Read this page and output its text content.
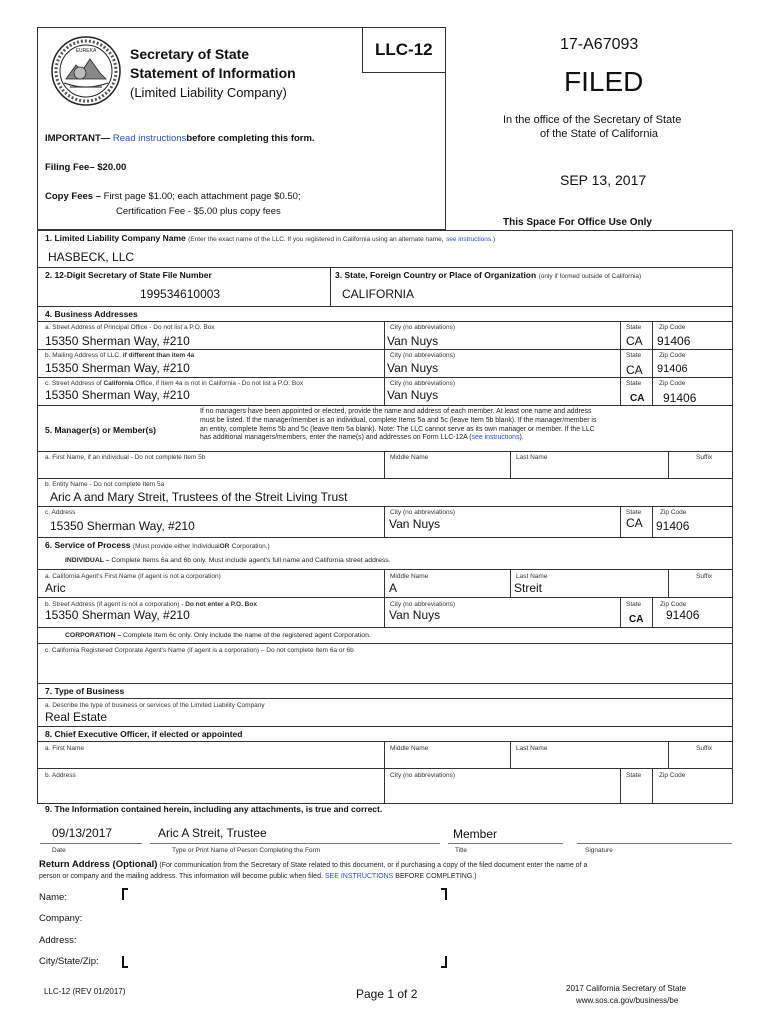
LLC-12
EUREKA Secretary of State
Statement of Information
(Limited Liability Company)
IMPORTANT— Read instructionsbefore completing this form.
Filing Fee– $20.00
Copy Fees – First page $1.00; each attachment page $0.50;
Certification Fee - $5.00 plus copy fees
17-A67093
FILED
In the office of the Secretary of State
of the State of California
SEP 13, 2017
This Space For Office Use Only
1. Limited Liability Company Name (Enter the exact name of the LLC. If you registered in California using an alternate name, see instructions.)
HASBECK, LLC
2. 12-Digit Secretary of State File Number
199534610003
3. State, Foreign Country or Place of Organization (only if formed outside of California)
CALIFORNIA
4. Business Addresses
a. Street Address of Principal Office - Do not list a P.O. Box	City (no abbreviations)	State	Zip Code
15350 Sherman Way, #210	Van Nuys	CA 91406
b. Mailing Address of LLC, if different than item 4a	City (no abbreviations)	State	Zip Code
15350 Sherman Way, #210	Van Nuys	CA 91406
c. Street Address of California Office, if Item 4a is not in California - Do not list a P.O. Box	City (no abbreviations)	State	Zip Code
15350 Sherman Way, #210	Van Nuys	CA 91406
5. Manager(s) or Member(s)
If no managers have been appointed or elected, provide the name and address of each member. At least one name and address
must be listed. If the manager/member is an individual, complete Items 5a and 5c (leave Item 5b blank). If the manager/member is
an entity, complete Items 5b and 5c (leave Item 5a blank). Note: The LLC cannot serve as its own manager or member. If the LLC
has additional managers/members, enter the name(s) and addresses on Form LLC-12A (see instructions).
a. First Name, if an individual - Do not complete Item 5b	Middle Name	Last Name	Suffix
b. Entity Name - Do not complete Item 5a
Aric A and Mary Streit, Trustees of the Streit Living Trust
c. Address	City (no abbreviations)	State	Zip Code
15350 Sherman Way, #210	Van Nuys	CA 91406
6. Service of Process (Must provide either IndividualOR Corporation.)
INDIVIDUAL – Complete Items 6a and 6b only. Must include agent's full name and California street address.
a. California Agent's First Name (if agent is not a corporation)	Middle Name	Last Name	Suffix
Aric	A	Streit
b. Street Address (if agent is not a corporation) - Do not enter a P.O. Box	City (no abbreviations)	State	Zip Code
15350 Sherman Way, #210	Van Nuys	CA 91406
CORPORATION – Complete Item 6c only. Only include the name of the registered agent Corporation.
c. California Registered Corporate Agent's Name (if agent is a corporation) – Do not complete Item 6a or 6b
7. Type of Business
a. Describe the type of business or services of the Limited Liability Company
Real Estate
8. Chief Executive Officer, if elected or appointed
a. First Name	Middle Name	Last Name	Suffix
b. Address	City (no abbreviations)	State	Zip Code
9. The Information contained herein, including any attachments, is true and correct.
09/13/2017	Aric A Streit, Trustee	Member
Date	Type or Print Name of Person Completing the Form	Title	Signature
Return Address (Optional) (For communication from the Secretary of State related to this document, or if purchasing a copy of the filed document enter the name of a
person or company and the mailing address. This information will become public when filed. SEE INSTRUCTIONS BEFORE COMPLETING.)
Name:
Company:
Address:
City/State/Zip:
LLC-12 (REV 01/2017)	Page 1 of 2	2017 California Secretary of State
www.sos.ca.gov/business/be
